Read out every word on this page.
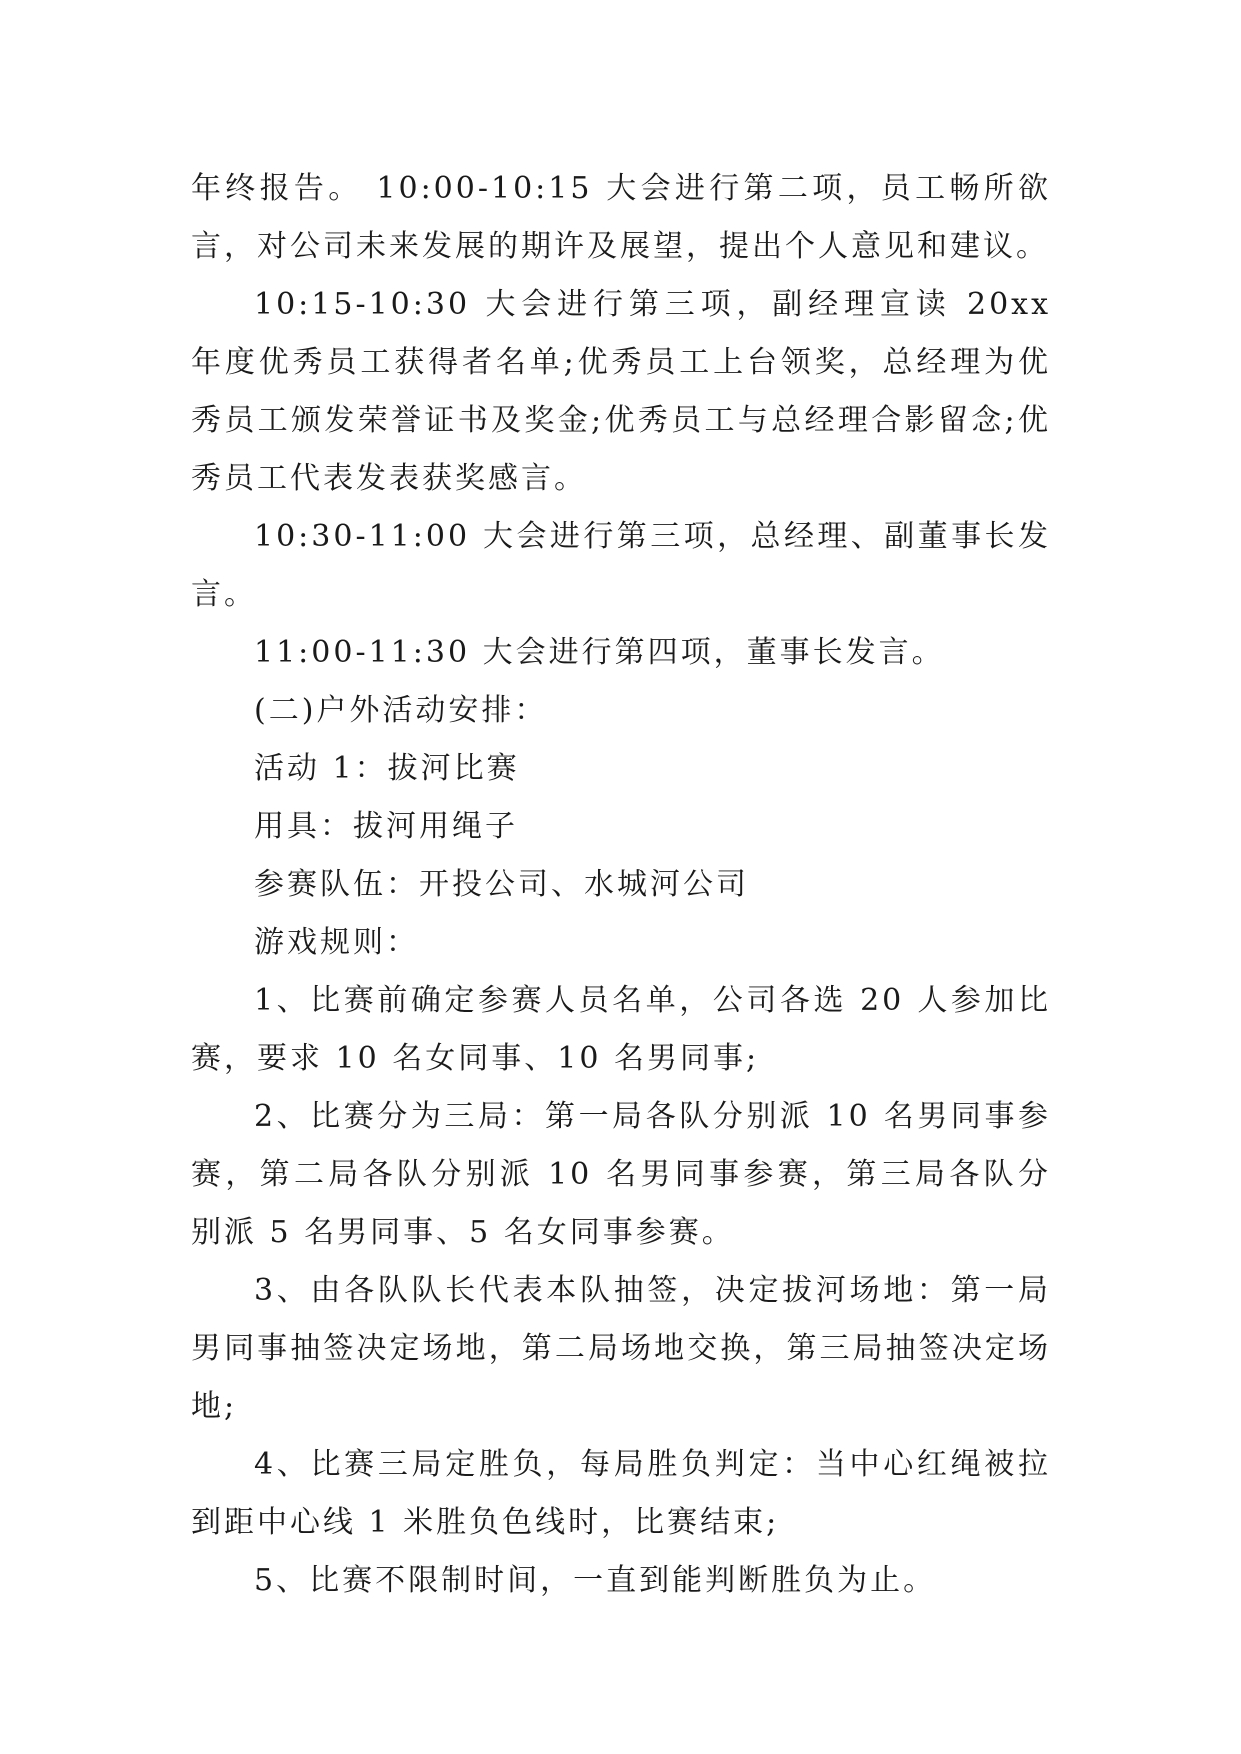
年终报告。 10:00-10:15 大会进行第二项，员工畅所欲言，对公司未来发展的期许及展望，提出个人意见和建议。

10:15-10:30 大会进行第三项，副经理宣读 20xx 年度优秀员工获得者名单;优秀员工上台领奖，总经理为优秀员工颁发荣誉证书及奖金;优秀员工与总经理合影留念;优秀员工代表发表获奖感言。

10:30-11:00 大会进行第三项，总经理、副董事长发言。

11:00-11:30 大会进行第四项，董事长发言。

(二)户外活动安排：

活动 1：拔河比赛

用具：拔河用绳子

参赛队伍：开投公司、水城河公司

游戏规则：

1、比赛前确定参赛人员名单，公司各选 20 人参加比赛，要求 10 名女同事、10 名男同事;

2、比赛分为三局：第一局各队分别派 10 名男同事参赛，第二局各队分别派 10 名男同事参赛，第三局各队分别派 5 名男同事、5 名女同事参赛。

3、由各队队长代表本队抽签，决定拔河场地：第一局男同事抽签决定场地，第二局场地交换，第三局抽签决定场地;

4、比赛三局定胜负，每局胜负判定：当中心红绳被拉到距中心线 1 米胜负色线时，比赛结束;

5、比赛不限制时间，一直到能判断胜负为止。
